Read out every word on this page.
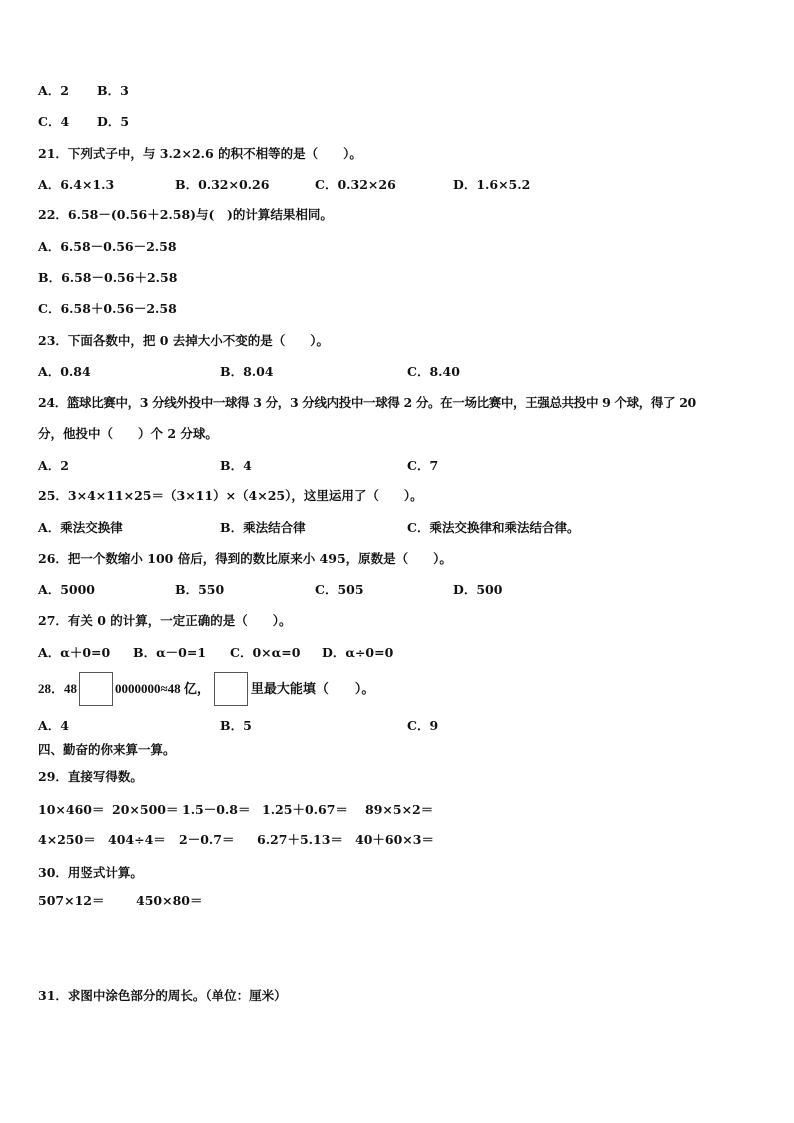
A．2 B．3
C．4 D．5
21．下列式子中，与 3.2×2.6 的积不相等的是（　　）。
A．6.4×1.3	B．0.32×0.26	C．0.32×26	D．1.6×5.2
22．6.58－(0.56＋2.58)与(　)的计算结果相同。
A．6.58－0.56－2.58
B．6.58－0.56＋2.58
C．6.58＋0.56－2.58
23．下面各数中，把 0 去掉大小不变的是（　　）。
A．0.84	B．8.04	C．8.40
24．篮球比赛中，3 分线外投中一球得 3 分，3 分线内投中一球得 2 分。在一场比赛中，王强总共投中 9 个球，得了 20
分，他投中（　　）个 2 分球。
A．2	B．4	C．7
25．3×4×11×25＝（3×11）×（4×25），这里运用了（　　）。
A．乘法交换律	B．乘法结合律	C．乘法交换律和乘法结合律。
26．把一个数缩小 100 倍后，得到的数比原来小 495，原数是（　　）。
A．5000	B．550	C．505	D．500
27．有关 0 的计算，一定正确的是（　　）。
A．α＋0=0 B．α－0=1 C．0×α=0 D．α÷0=0
28．48	0000000≈48 亿，	里最大能填（　　）。
A．4	B．5	C．9
四、勤奋的你来算一算。
29．直接写得数。
10×460＝ 20×500＝ 1.5－0.8＝ 1.25＋0.67＝ 89×5×2＝
4×250＝ 404÷4＝ 2－0.7＝ 6.27＋5.13＝ 40＋60×3＝
30．用竖式计算。
507×12＝	450×80＝
31．求图中涂色部分的周长。（单位：厘米）
